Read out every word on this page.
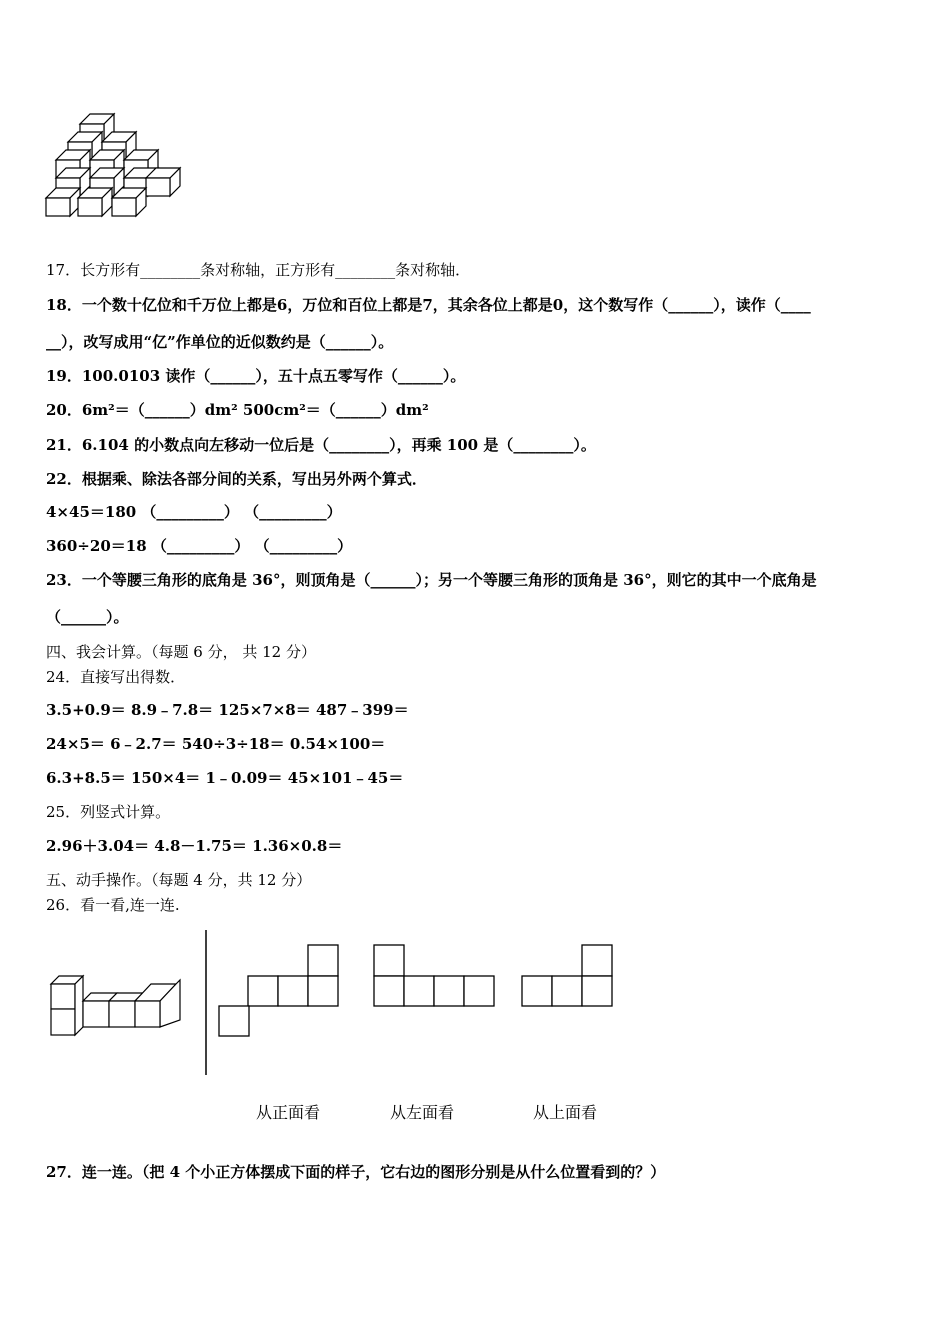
17．长方形有________条对称轴，正方形有________条对称轴．
18．一个数十亿位和千万位上都是6，万位和百位上都是7，其余各位上都是0，这个数写作（______），读作（____
__），改写成用“亿”作单位的近似数约是（______）。
19．100.0103 读作（______），五十点五零写作（______）。
20．6m²＝（______）dm² 500cm²＝（______）dm²
21．6.104 的小数点向左移动一位后是（________），再乘 100 是（________）。
22．根据乘、除法各部分间的关系，写出另外两个算式．
4×45＝180 （_________） （_________）
360÷20＝18 （_________） （_________）
23．一个等腰三角形的底角是 36°，则顶角是（______）；另一个等腰三角形的顶角是 36°，则它的其中一个底角是
（______）。
四、我会计算。（每题 6 分， 共 12 分）
24．直接写出得数．
3.5+0.9＝ 8.9﹣7.8＝ 125×7×8＝ 487﹣399＝
24×5＝ 6﹣2.7＝ 540÷3÷18＝ 0.54×100＝
6.3+8.5＝ 150×4＝ 1﹣0.09＝ 45×101﹣45＝
25．列竖式计算。
2.96＋3.04＝ 4.8－1.75＝ 1.36×0.8＝
五、动手操作。（每题 4 分，共 12 分）
26．看一看,连一连.
从正面看	从左面看	从上面看
27．连一连。（把 4 个小正方体摆成下面的样子，它右边的图形分别是从什么位置看到的？）
